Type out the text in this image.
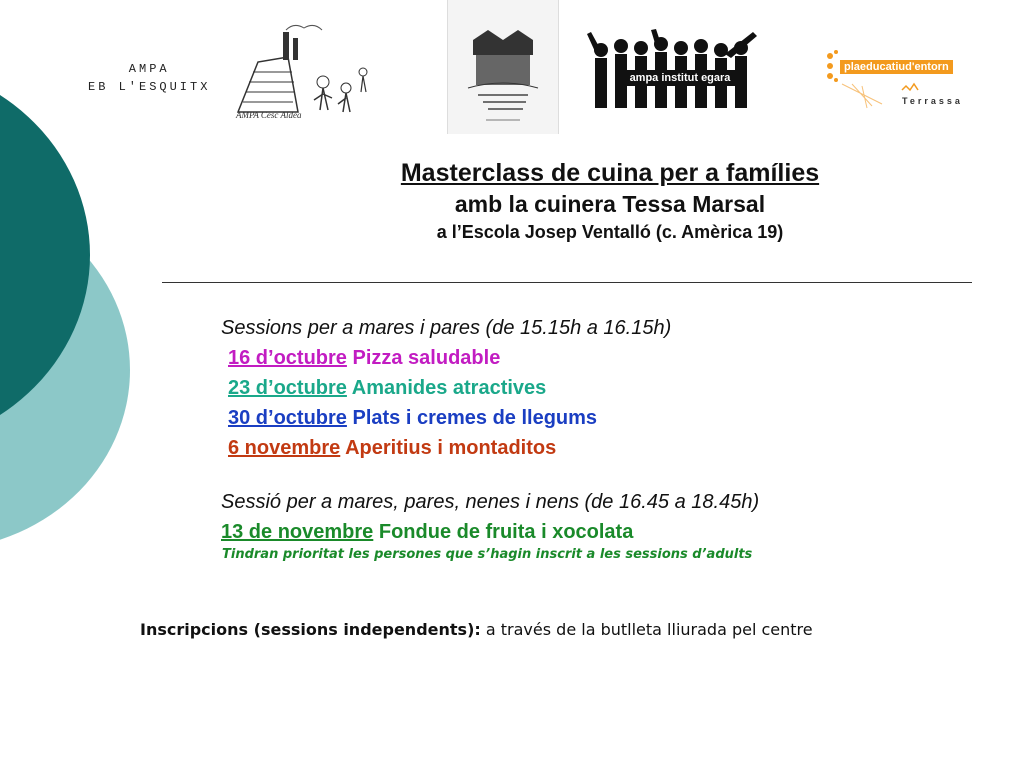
AMPA
EB L'ESQUITX
AMPA Cesc Aldea
ampa institut egara
plaeducatiud'entorn
Terrassa
Masterclass de cuina per a famílies
amb la cuinera Tessa Marsal
a l’Escola Josep Ventalló (c. Amèrica 19)
Sessions per a mares i pares (de 15.15h a 16.15h)
16 d’octubre Pizza saludable
23 d’octubre Amanides atractives
30 d’octubre Plats i cremes de llegums
6 novembre Aperitius i montaditos
Sessió per a mares, pares, nenes i nens (de 16.45 a 18.45h)
13 de novembre Fondue de fruita i xocolata
Tindran prioritat les persones que s’hagin inscrit a les sessions d’adults
Inscripcions (sessions independents): a través de la butlleta lliurada pel centre
